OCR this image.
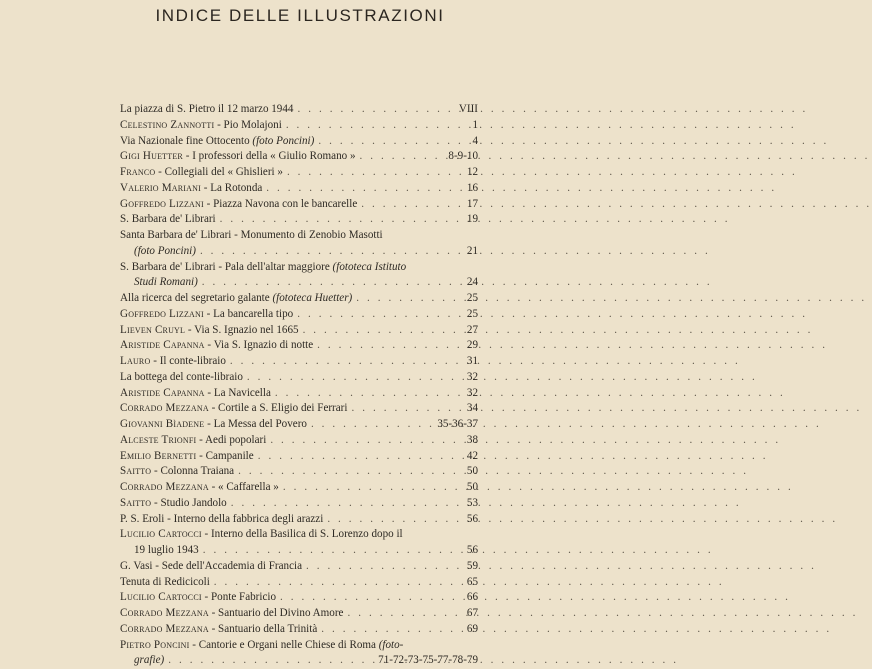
INDICE DELLE ILLUSTRAZIONI
La piazza di S. Pietro il 12 marzo 1944 . . .	VIII
Celestino Zannotti - Pio Molajoni . . .	1
Via Nazionale fine Ottocento (foto Poncini) . . .	4
Gigi Huetter - I professori della « Giulio Romano » . . .	8-9-10
Franco - Collegiali del « Ghislieri » . . .	12
Valerio Mariani - La Rotonda . . .	16
Goffredo Lizzani - Piazza Navona con le bancarelle . . .	17
S. Barbara de' Librari . . .	19
Santa Barbara de' Librari - Monumento di Zenobio Masotti
(foto Poncini) . . .	21
S. Barbara de' Librari - Pala dell'altar maggiore (fototeca Istituto
Studi Romani) . . .	24
Alla ricerca del segretario galante (fototeca Huetter) . . .	25
Goffredo Lizzani - La bancarella tipo . . .	25
Lieven Cruyl - Via S. Ignazio nel 1665 . . .	27
Aristide Capanna - Via S. Ignazio di notte . . .	29
Lauro - Il conte-libraio . . .	31
La bottega del conte-libraio . . .	32
Aristide Capanna - La Navicella . . .	32
Corrado Mezzana - Cortile a S. Eligio dei Ferrari . . .	34
Giovanni Bìadene - La Messa del Povero . . .	35-36-37
Alceste Trionfi - Aedi popolari . . .	38
Emilio Bernetti - Campanile . . .	42
Saitto - Colonna Traiana . . .	50
Corrado Mezzana - « Caffarella » . . .	50
Saitto - Studio Jandolo . . .	53
P. S. Eroli - Interno della fabbrica degli arazzi . . .	56
Lucilio Cartocci - Interno della Basilica di S. Lorenzo dopo il
19 luglio 1943 . . .	56
G. Vasi - Sede dell'Accademia di Francia . . .	59
Tenuta di Redicicoli . . .	65
Lucilio Cartocci - Ponte Fabricio . . .	66
Corrado Mezzana - Santuario del Divino Amore . . .	67
Corrado Mezzana - Santuario della Trinità . . .	69
Pietro Poncini - Cantorie e Organi nelle Chiese di Roma (foto-
grafie) . . .	71-72-73-75-77-78-79
